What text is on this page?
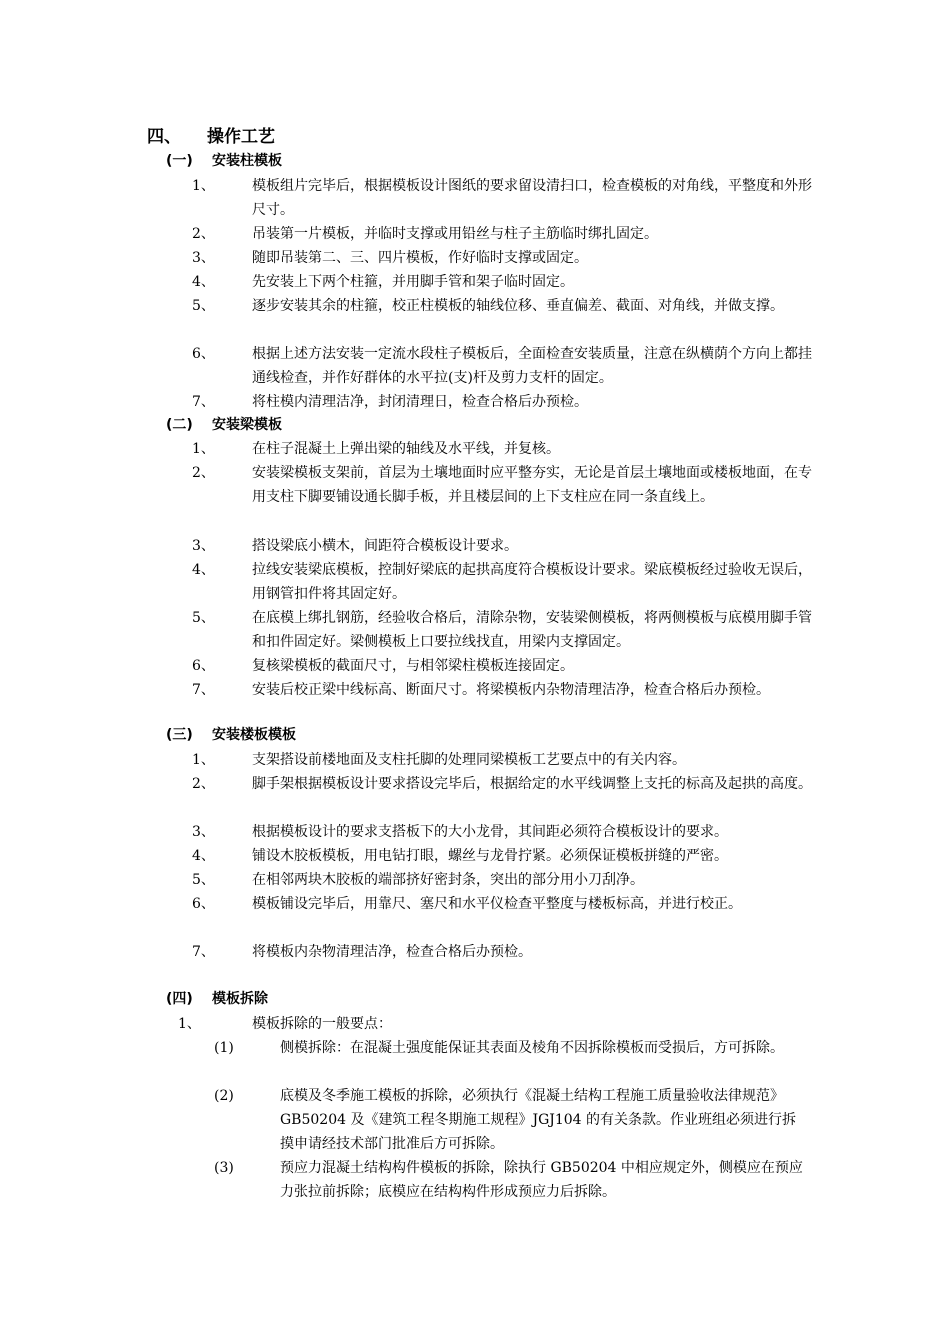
四、 操作工艺
(一) 安装柱模板
1、	模板组片完毕后，根据模板设计图纸的要求留设清扫口，检查模板的对角线，平整度和外形尺寸。
2、	吊装第一片模板，并临时支撑或用铅丝与柱子主筋临时绑扎固定。
3、	随即吊装第二、三、四片模板，作好临时支撑或固定。
4、	先安装上下两个柱箍，并用脚手管和架子临时固定。
5、	逐步安装其余的柱箍，校正柱模板的轴线位移、垂直偏差、截面、对角线，并做支撑。
6、	根据上述方法安装一定流水段柱子模板后，全面检查安装质量，注意在纵横荫个方向上都挂通线检查，并作好群体的水平拉(支)杆及剪力支杆的固定。
7、	将柱模内清理洁净，封闭清理日，检查合格后办预检。
(二) 安装梁模板
1、	在柱子混凝土上弹出梁的轴线及水平线，并复核。
2、	安装梁模板支架前，首层为土壤地面时应平整夯实，无论是首层土壤地面或楼板地面，在专用支柱下脚要铺设通长脚手板，并且楼层间的上下支柱应在同一条直线上。
3、	搭设梁底小横木，间距符合模板设计要求。
4、	拉线安装梁底模板，控制好梁底的起拱高度符合模板设计要求。梁底模板经过验收无误后，用钢管扣件将其固定好。
5、	在底模上绑扎钢筋，经验收合格后，清除杂物，安装梁侧模板，将两侧模板与底模用脚手管和扣件固定好。梁侧模板上口要拉线找直，用梁内支撑固定。
6、	复核梁模板的截面尺寸，与相邻梁柱模板连接固定。
7、	安装后校正梁中线标高、断面尺寸。将梁模板内杂物清理洁净，检查合格后办预检。
(三) 安装楼板模板
1、	支架搭设前楼地面及支柱托脚的处理同梁模板工艺要点中的有关内容。
2、	脚手架根据模板设计要求搭设完毕后，根据给定的水平线调整上支托的标高及起拱的高度。
3、	根据模板设计的要求支搭板下的大小龙骨，其间距必须符合模板设计的要求。
4、	铺设木胶板模板，用电钻打眼，螺丝与龙骨拧紧。必须保证模板拼缝的严密。
5、	在相邻两块木胶板的端部挤好密封条，突出的部分用小刀刮净。
6、	模板铺设完毕后，用靠尺、塞尺和水平仪检查平整度与楼板标高，并进行校正。
7、	将模板内杂物清理洁净，检查合格后办预检。
(四) 模板拆除
1、	模板拆除的一般要点：
(1)	侧模拆除：在混凝土强度能保证其表面及棱角不因拆除模板而受损后，方可拆除。
(2)	底模及冬季施工模板的拆除，必须执行《混凝土结构工程施工质量验收法律规范》GB50204 及《建筑工程冬期施工规程》JGJ104 的有关条款。作业班组必须进行拆摸申请经技术部门批准后方可拆除。
(3)	预应力混凝土结构构件模板的拆除，除执行 GB50204 中相应规定外，侧模应在预应力张拉前拆除；底模应在结构构件形成预应力后拆除。
